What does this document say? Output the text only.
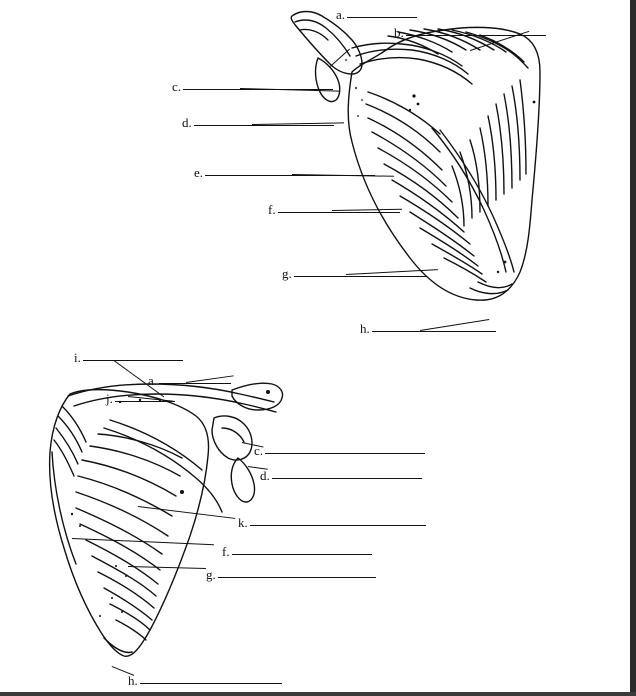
a.
b.
c.
d.
e.
f.
g.
h.
i.
a.
j.
c.
d.
k.
f.
g.
h.
